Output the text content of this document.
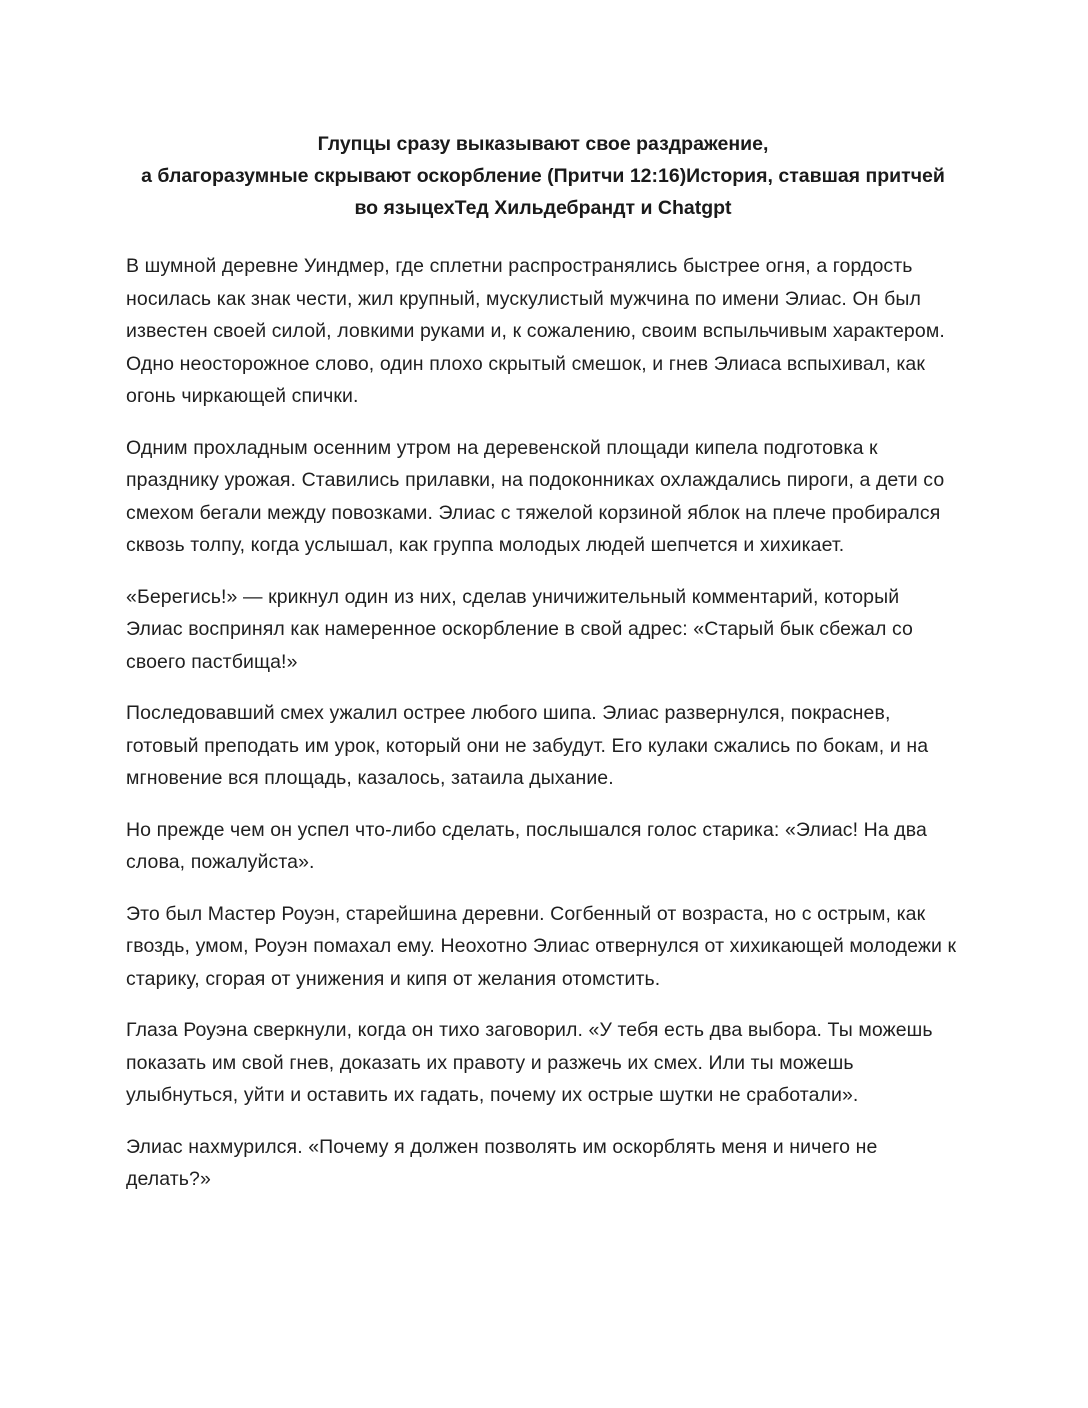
Глупцы сразу выказывают свое раздражение,
а благоразумные скрывают оскорбление (Притчи 12:16)История, ставшая притчей
во языцехТед Хильдебрандт и Chatgpt

В шумной деревне Уиндмер, где сплетни распространялись быстрее огня, а гордость носилась как знак чести, жил крупный, мускулистый мужчина по имени Элиас. Он был известен своей силой, ловкими руками и, к сожалению, своим вспыльчивым характером. Одно неосторожное слово, один плохо скрытый смешок, и гнев Элиаса вспыхивал, как огонь чиркающей спички.

Одним прохладным осенним утром на деревенской площади кипела подготовка к празднику урожая. Ставились прилавки, на подоконниках охлаждались пироги, а дети со смехом бегали между повозками. Элиас с тяжелой корзиной яблок на плече пробирался сквозь толпу, когда услышал, как группа молодых людей шепчется и хихикает.

«Берегись!» — крикнул один из них, сделав уничижительный комментарий, который Элиас воспринял как намеренное оскорбление в свой адрес: «Старый бык сбежал со своего пастбища!»

Последовавший смех ужалил острее любого шипа. Элиас развернулся, покраснев, готовый преподать им урок, который они не забудут. Его кулаки сжались по бокам, и на мгновение вся площадь, казалось, затаила дыхание.

Но прежде чем он успел что-либо сделать, послышался голос старика: «Элиас! На два слова, пожалуйста».

Это был Мастер Роуэн, старейшина деревни. Согбенный от возраста, но с острым, как гвоздь, умом, Роуэн помахал ему. Неохотно Элиас отвернулся от хихикающей молодежи к старику, сгорая от унижения и кипя от желания отомстить.

Глаза Роуэна сверкнули, когда он тихо заговорил. «У тебя есть два выбора. Ты можешь показать им свой гнев, доказать их правоту и разжечь их смех. Или ты можешь улыбнуться, уйти и оставить их гадать, почему их острые шутки не сработали».

Элиас нахмурился. «Почему я должен позволять им оскорблять меня и ничего не делать?»
